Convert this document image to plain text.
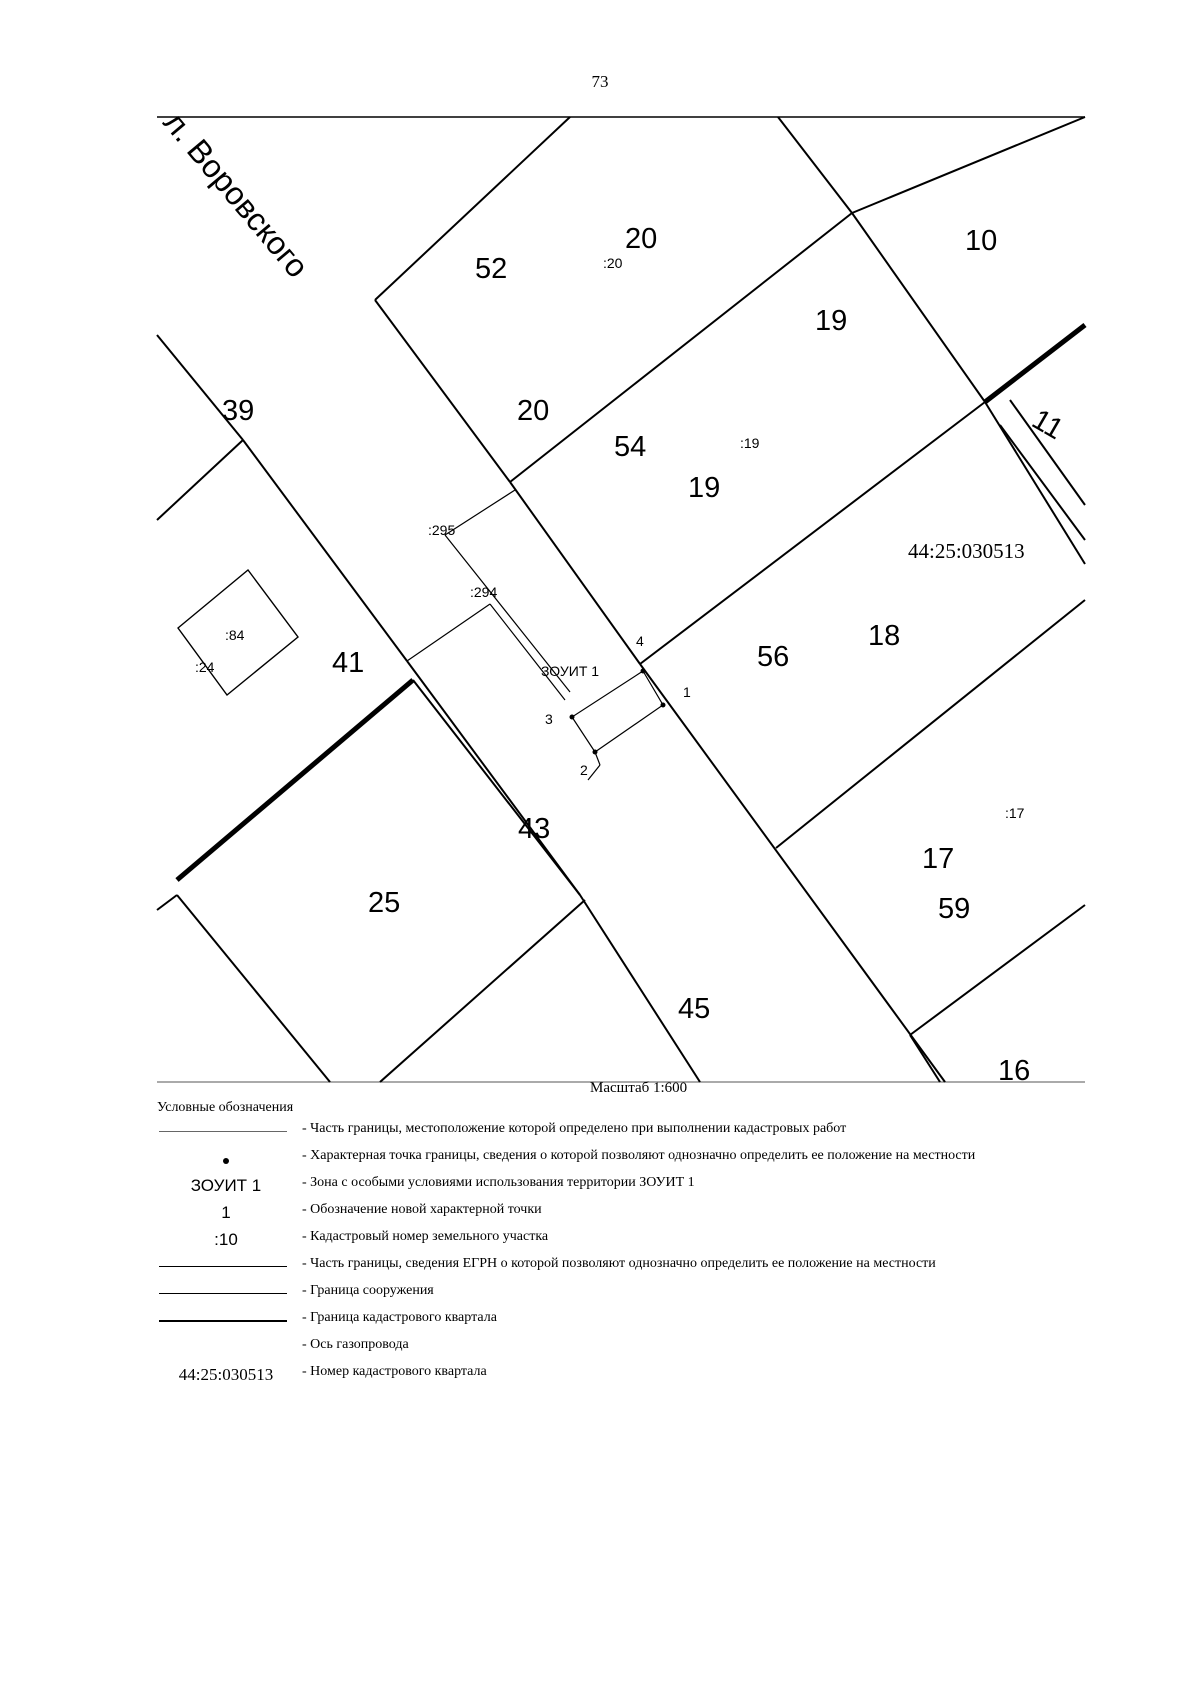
73
л. Воровского
44:25:030513
52	:20
20	10
19
20
54	:19
19
39
41
:84
:24	56
18
43
25
17
59
45
16
11
:17
:295
:294
4
1
3
2
ЗОУИТ 1
Масштаб 1:600
Условные обозначения
- Часть границы, местоположение которой определено при выполнении кадастровых работ
- Характерная точка границы, сведения о которой позволяют однозначно определить ее положение на местности
ЗОУИТ 1	- Зона с особыми условиями использования территории ЗОУИТ 1
1	- Обозначение новой характерной точки
:10	- Кадастровый номер земельного участка
- Часть границы, сведения ЕГРН о которой позволяют однозначно определить ее положение на местности
- Граница сооружения
- Граница кадастрового квартала
- Ось газопровода
44:25:030513	- Номер кадастрового квартала
